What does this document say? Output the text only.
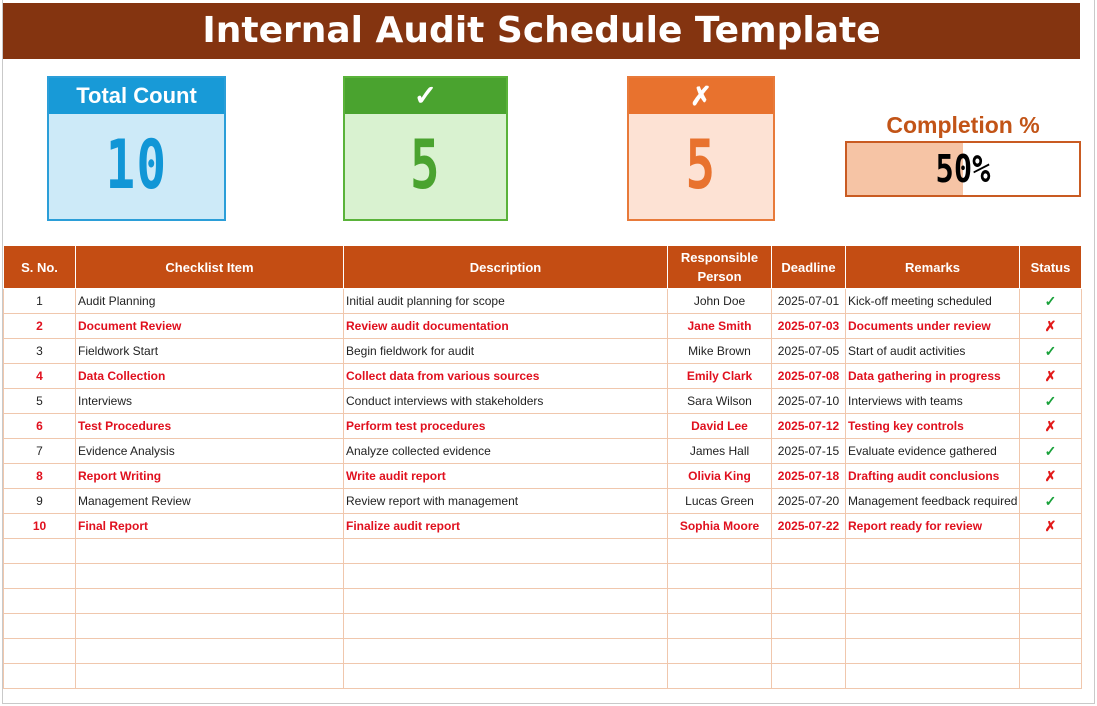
Internal Audit Schedule Template
Total Count
10
✓
5
✗
5
Completion %
50%
S. No.	Checklist Item	Description	Responsible Person	Deadline	Remarks	Status
1	Audit Planning	Initial audit planning for scope	John Doe	2025-07-01	Kick-off meeting scheduled	✓
2	Document Review	Review audit documentation	Jane Smith	2025-07-03	Documents under review	✗
3	Fieldwork Start	Begin fieldwork for audit	Mike Brown	2025-07-05	Start of audit activities	✓
4	Data Collection	Collect data from various sources	Emily Clark	2025-07-08	Data gathering in progress	✗
5	Interviews	Conduct interviews with stakeholders	Sara Wilson	2025-07-10	Interviews with teams	✓
6	Test Procedures	Perform test procedures	David Lee	2025-07-12	Testing key controls	✗
7	Evidence Analysis	Analyze collected evidence	James Hall	2025-07-15	Evaluate evidence gathered	✓
8	Report Writing	Write audit report	Olivia King	2025-07-18	Drafting audit conclusions	✗
9	Management Review	Review report with management	Lucas Green	2025-07-20	Management feedback required	✓
10	Final Report	Finalize audit report	Sophia Moore	2025-07-22	Report ready for review	✗
